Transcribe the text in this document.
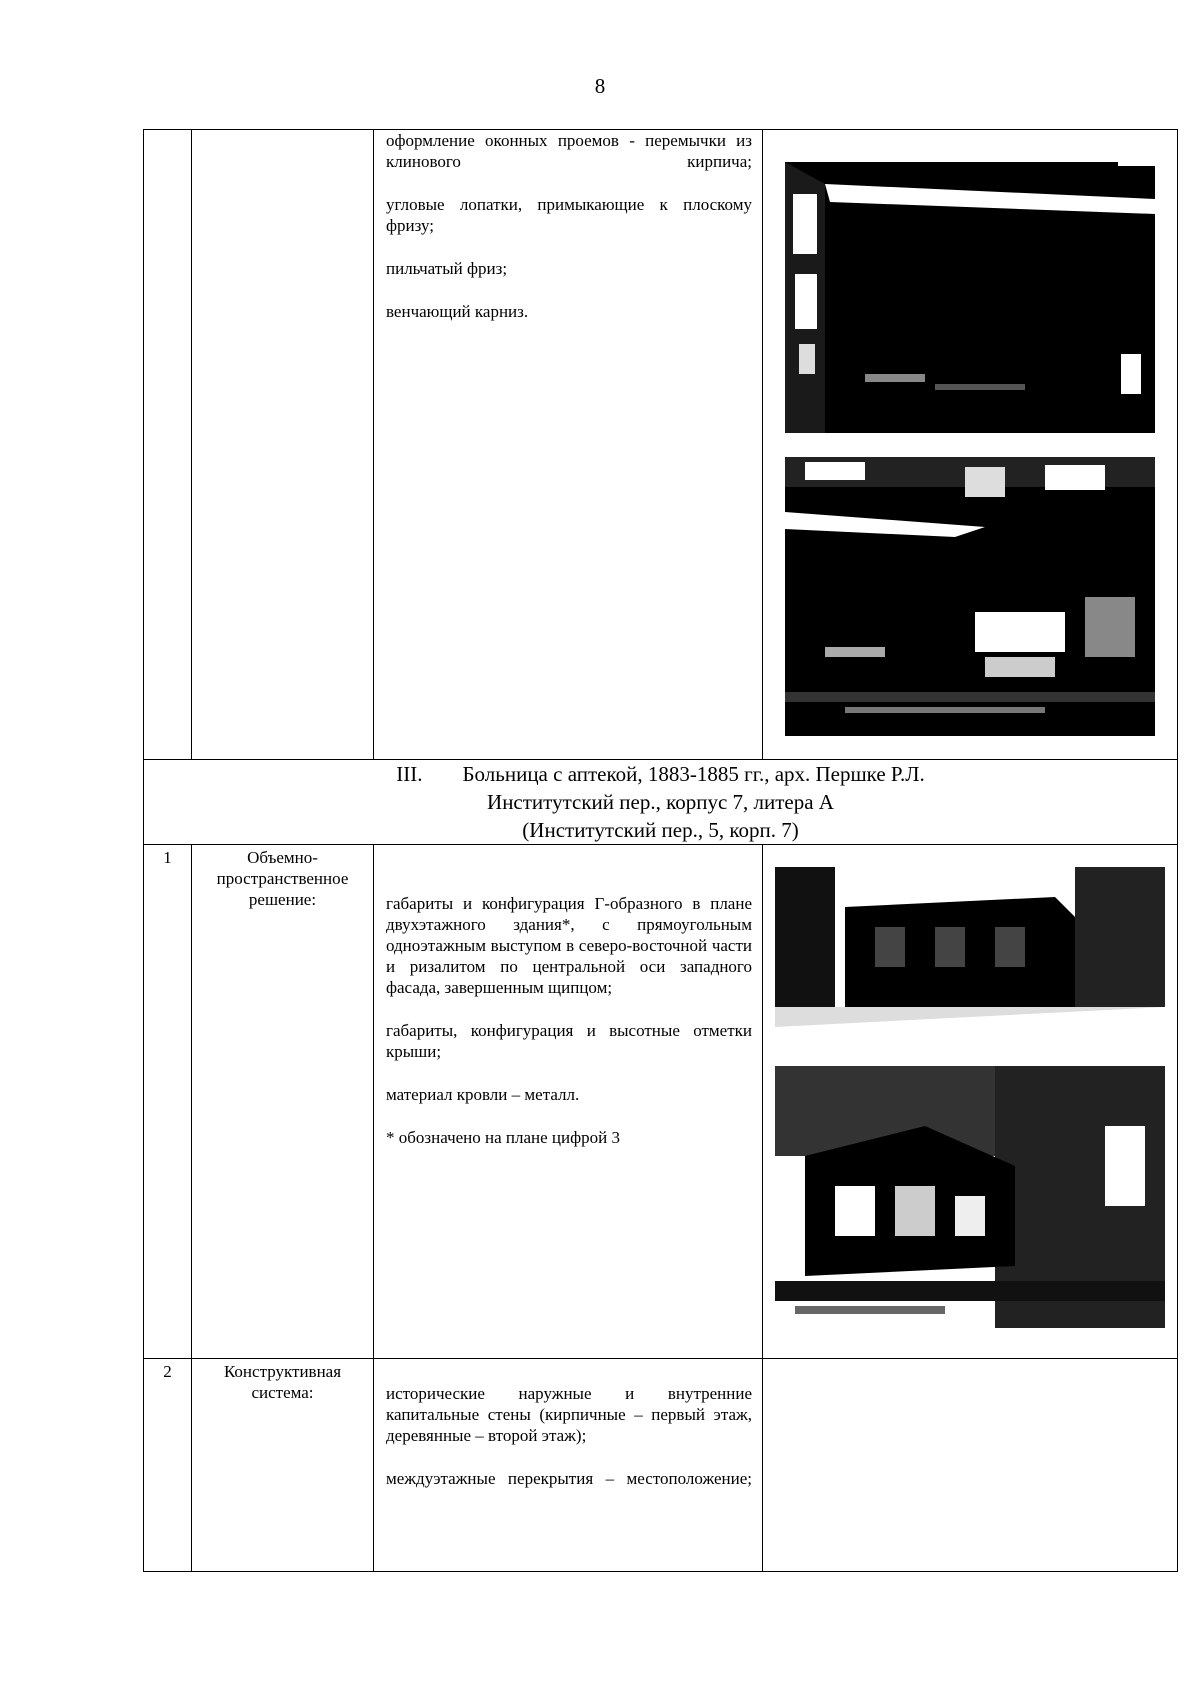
8

		оформление оконных проемов - перемычки из клинового кирпича;

угловые лопатки, примыкающие к плоскому фризу;

пильчатый фриз;

венчающий карниз.

III. Больница с аптекой, 1883-1885 гг., арх. Першке Р.Л.
Институтский пер., корпус 7, литера А
(Институтский пер., 5, корп. 7)			

1	Объемно-пространственное решение:	габариты и конфигурация Г-образного в плане двухэтажного здания*, с прямоугольным одноэтажным выступом в северо-восточной части и ризалитом по центральной оси западного фасада, завершенным щипцом;

габариты, конфигурация и высотные отметки крыши;

материал кровли – металл.

* обозначено на плане цифрой 3

2	Конструктивная система:	исторические наружные и внутренние капитальные стены (кирпичные – первый этаж, деревянные – второй этаж);

междуэтажные перекрытия – местоположение;	
